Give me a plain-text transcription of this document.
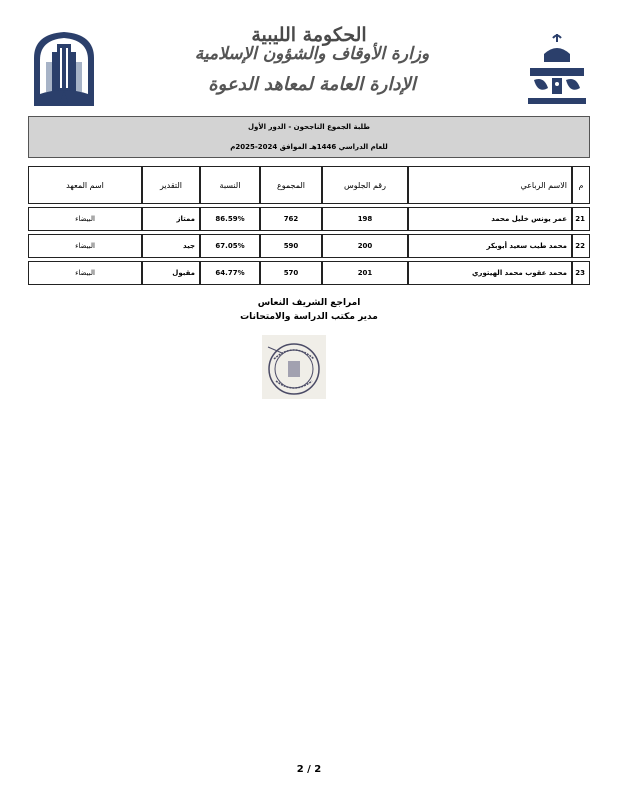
الحكومة الليبية
وزارة الأوقاف والشؤون الإسلامية
الإدارة العامة لمعاهد الدعوة
طلبة الجموع الناجحون - الدور الأول
للعام الدراسي 1446هـ الموافق 2024-2025م
م	الاسم الرباعي	رقم الجلوس	المجموع	النسبة	التقدير	اسم المعهد
21	عمر يونس خليل محمد	198	762	86.59%	ممتاز	البيضاء
22	محمد طيب سعيد أبوبكر	200	590	67.05%	جيد	البيضاء
23	محمد عقوب محمد الهيتوري	201	570	64.77%	مقبول	البيضاء
امراجع الشريف النعاس
مدير مكتب الدراسة والامتحانات
2 / 2
